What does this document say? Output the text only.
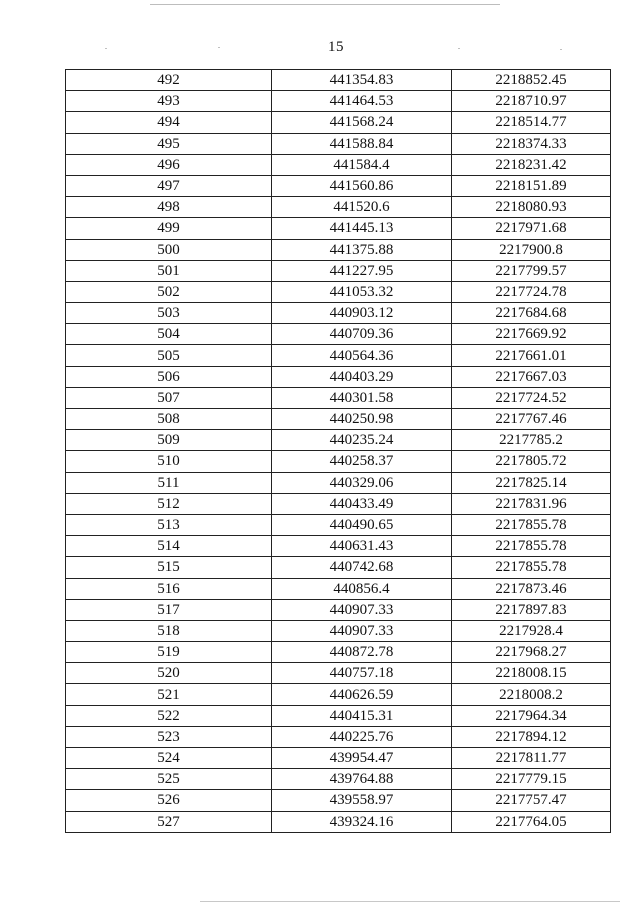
15
492	441354.83	2218852.45
493	441464.53	2218710.97
494	441568.24	2218514.77
495	441588.84	2218374.33
496	441584.4	2218231.42
497	441560.86	2218151.89
498	441520.6	2218080.93
499	441445.13	2217971.68
500	441375.88	2217900.8
501	441227.95	2217799.57
502	441053.32	2217724.78
503	440903.12	2217684.68
504	440709.36	2217669.92
505	440564.36	2217661.01
506	440403.29	2217667.03
507	440301.58	2217724.52
508	440250.98	2217767.46
509	440235.24	2217785.2
510	440258.37	2217805.72
511	440329.06	2217825.14
512	440433.49	2217831.96
513	440490.65	2217855.78
514	440631.43	2217855.78
515	440742.68	2217855.78
516	440856.4	2217873.46
517	440907.33	2217897.83
518	440907.33	2217928.4
519	440872.78	2217968.27
520	440757.18	2218008.15
521	440626.59	2218008.2
522	440415.31	2217964.34
523	440225.76	2217894.12
524	439954.47	2217811.77
525	439764.88	2217779.15
526	439558.97	2217757.47
527	439324.16	2217764.05
